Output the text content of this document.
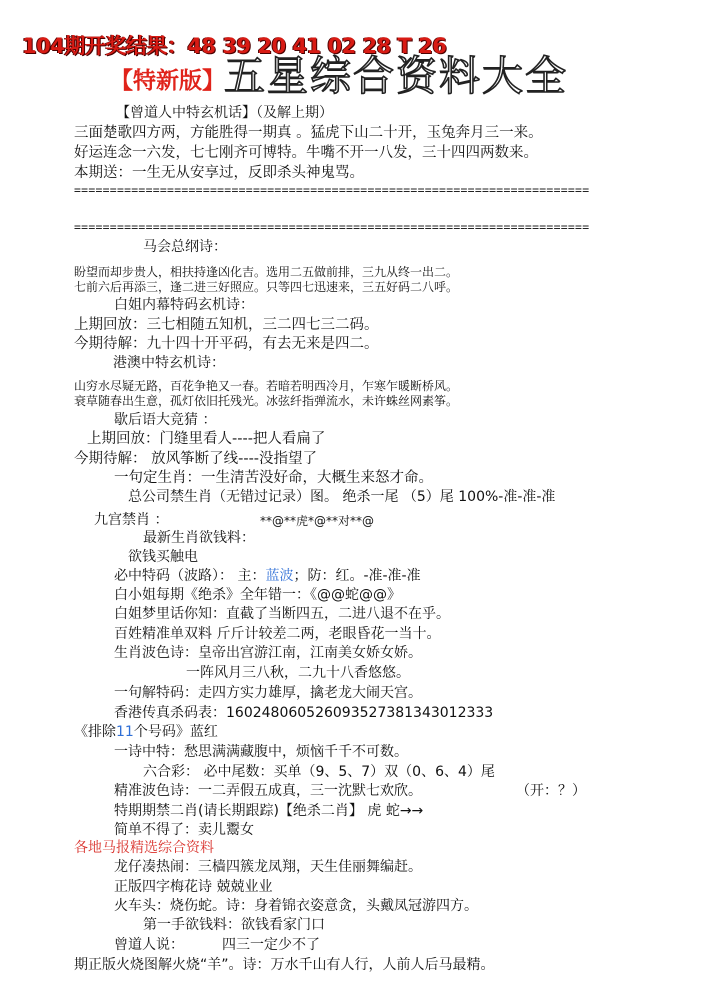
104期开奖结果：48 39 20 41 02 28 T 26
【特新版】 五星综合资料大全
【曾道人中特玄机话】（及解上期）
三面楚歌四方两，方能胜得一期真 。猛虎下山二十开，玉兔奔月三一来。
好运连念一六发，七七刚齐可博特。牛嘴不开一八发，三十四四两数来。
本期送：一生无从安享过，反即杀头神鬼骂。
========================================================================
========================================================================
马会总纲诗：
盼望而却步贵人，相扶持逢凶化吉。选用二五做前排，三九从终一出二。
七前六后再添三，逢二进三好照应。只等四七迅速来，三五好码二八呼。
白姐内幕特码玄机诗：
上期回放：三七相随五知机，三二四七三二码。
今期待解：九十四十开平码，有去无来是四二。
港澳中特玄机诗：
山穷水尽疑无路，百花争艳又一春。若暗若明西冷月，乍寒乍暖断桥风。
衰草随春出生意，孤灯依旧托残光。冰弦纤指弹流水，未许蛛丝网素筝。
歇后语大竞猜 ：
上期回放：门缝里看人----把人看扁了
今期待解： 放风筝断了线----没指望了
一句定生肖：一生清苦没好命，大概生来怒才命。
总公司禁生肖（无错过记录）图。 绝杀一尾 （5）尾 100%-准-准-准
九宫禁肖 ：	**@**虎*@**对**@
最新生肖欲钱料：
欲钱买触电
必中特码（波路）： 主：蓝波；防：红。-准-准-准
白小姐每期《绝杀》全年错一：《@@蛇@@》
白姐梦里话你知：直截了当断四五，二进八退不在乎。
百姓精准单双料 斤斤计较差二两，老眼昏花一当十。
生肖波色诗：皇帝出宫游江南，江南美女娇女娇。
一阵风月三八秋，二九十八香悠悠。
一句解特码：走四方实力雄厚，擒老龙大闹天宫。
香港传真杀码表：160248060526093527381343012333
《排除11个号码》蓝红
一诗中特：愁思满满藏腹中，烦恼千千不可数。
六合彩： 必中尾数：买单（9、5、7）双（0、6、4）尾
精准波色诗：一二弄假五成真，三一沈默七欢欣。	（开：？）
特期期禁二肖(请长期跟踪)【绝杀二肖】 虎 蛇→→
简单不得了：卖儿鬻女
各地马报精选综合资料
龙仔凑热闹：三樯四簇龙凤翔，天生佳丽舞编赶。
正版四字梅花诗 兢兢业业
火车头：烧伤蛇。诗：身着锦衣姿意贪，头戴凤冠游四方。
第一手欲钱料：欲钱看家门口
曾道人说：	四三一定少不了
期正版火烧图解火烧“羊”。诗：万水千山有人行，人前人后马最精。
